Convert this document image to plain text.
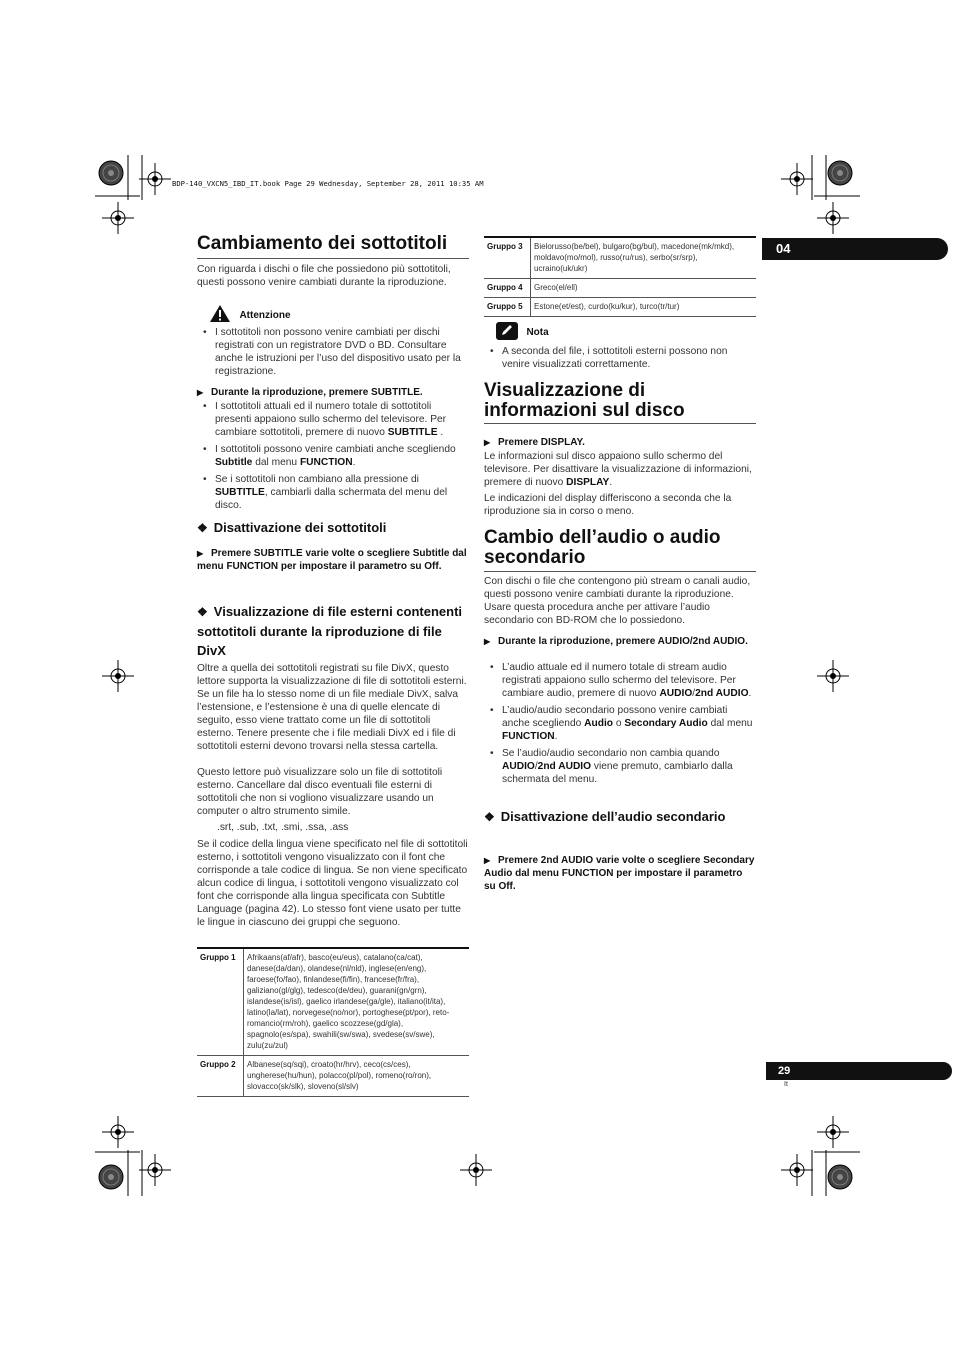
BDP-140_VXCN5_IBD_IT.book Page 29 Wednesday, September 28, 2011 10:35 AM
04
Cambiamento dei sottotitoli
Con riguarda i dischi o file che possiedono più sottotitoli, questi possono venire cambiati durante la riproduzione.
Attenzione
• I sottotitoli non possono venire cambiati per dischi registrati con un registratore DVD o BD. Consultare anche le istruzioni per l’uso del dispositivo usato per la registrazione.
▶ Durante la riproduzione, premere SUBTITLE.
• I sottotitoli attuali ed il numero totale di sottotitoli presenti appaiono sullo schermo del televisore. Per cambiare sottotitoli, premere di nuovo SUBTITLE .
• I sottotitoli possono venire cambiati anche scegliendo Subtitle dal menu FUNCTION.
• Se i sottotitoli non cambiano alla pressione di SUBTITLE, cambiarli dalla schermata del menu del disco.
❖ Disattivazione dei sottotitoli
▶ Premere SUBTITLE varie volte o scegliere Subtitle dal menu FUNCTION per impostare il parametro su Off.
❖ Visualizzazione di file esterni contenenti sottotitoli durante la riproduzione di file DivX
Oltre a quella dei sottotitoli registrati su file DivX, questo lettore supporta la visualizzazione di file di sottotitoli esterni. Se un file ha lo stesso nome di un file mediale DivX, salva l’estensione, e l’estensione è una di quelle elencate di seguito, esso viene trattato come un file di sottotitoli esterno. Tenere presente che i file mediali DivX ed i file di sottotitoli esterni devono trovarsi nella stessa cartella.
Questo lettore può visualizzare solo un file di sottotitoli esterno. Cancellare dal disco eventuali file esterni di sottotitoli che non si vogliono visualizzare usando un computer o altro strumento simile.
.srt, .sub, .txt, .smi, .ssa, .ass
Se il codice della lingua viene specificato nel file di sottotitoli esterno, i sottotitoli vengono visualizzato con il font che corrisponde a tale codice di lingua. Se non viene specificato alcun codice di lingua, i sottotitoli vengono visualizzato col font che corrisponde alla lingua specificata con Subtitle Language (pagina 42). Lo stesso font viene usato per tutte le lingue in ciascuno dei gruppi che seguono.
Gruppo 1	Afrikaans(af/afr), basco(eu/eus), catalano(ca/cat), danese(da/dan), olandese(nl/nld), inglese(en/eng), faroese(fo/fao), finlandese(fi/fin), francese(fr/fra), galiziano(gl/glg), tedesco(de/deu), guarani(gn/grn), islandese(is/isl), gaelico irlandese(ga/gle), italiano(it/ita), latino(la/lat), norvegese(no/nor), portoghese(pt/por), reto-romancio(rm/roh), gaelico scozzese(gd/gla), spagnolo(es/spa), swahili(sw/swa), svedese(sv/swe), zulu(zu/zul)
Gruppo 2	Albanese(sq/sqi), croato(hr/hrv), ceco(cs/ces), ungherese(hu/hun), polacco(pl/pol), romeno(ro/ron), slovacco(sk/slk), sloveno(sl/slv)
Gruppo 3	Bielorusso(be/bel), bulgaro(bg/bul), macedone(mk/mkd), moldavo(mo/mol), russo(ru/rus), serbo(sr/srp), ucraino(uk/ukr)
Gruppo 4	Greco(el/ell)
Gruppo 5	Estone(et/est), curdo(ku/kur), turco(tr/tur)
Nota
• A seconda del file, i sottotitoli esterni possono non venire visualizzati correttamente.
Visualizzazione di informazioni sul disco
▶ Premere DISPLAY.
Le informazioni sul disco appaiono sullo schermo del televisore. Per disattivare la visualizzazione di informazioni, premere di nuovo DISPLAY.
Le indicazioni del display differiscono a seconda che la riproduzione sia in corso o meno.
Cambio dell’audio o audio secondario
Con dischi o file che contengono più stream o canali audio, questi possono venire cambiati durante la riproduzione. Usare questa procedura anche per attivare l’audio secondario con BD-ROM che lo possiedono.
▶ Durante la riproduzione, premere AUDIO/2nd AUDIO.
• L’audio attuale ed il numero totale di stream audio registrati appaiono sullo schermo del televisore. Per cambiare audio, premere di nuovo AUDIO/2nd AUDIO.
• L’audio/audio secondario possono venire cambiati anche scegliendo Audio o Secondary Audio dal menu FUNCTION.
• Se l’audio/audio secondario non cambia quando AUDIO/2nd AUDIO viene premuto, cambiarlo dalla schermata del menu.
❖ Disattivazione dell’audio secondario
▶ Premere 2nd AUDIO varie volte o scegliere Secondary Audio dal menu FUNCTION per impostare il parametro su Off.
29
It
